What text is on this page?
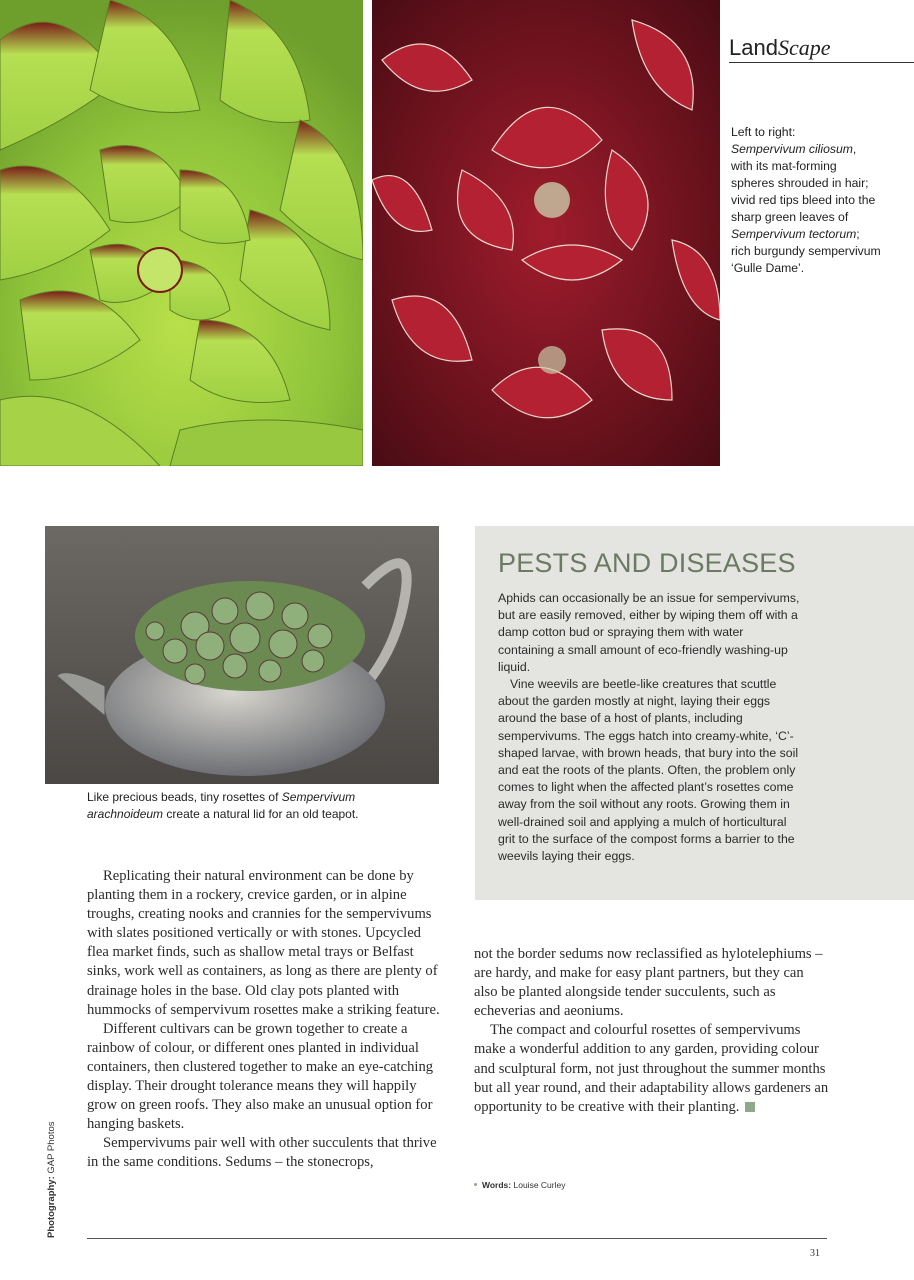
LandScape

Left to right:
Sempervivum ciliosum, with its mat-forming spheres shrouded in hair; vivid red tips bleed into the sharp green leaves of Sempervivum tectorum; rich burgundy sempervivum ‘Gulle Dame’.

Like precious beads, tiny rosettes of Sempervivum arachnoideum create a natural lid for an old teapot.
PESTS AND DISEASES

Aphids can occasionally be an issue for sempervivums, but are easily removed, either by wiping them off with a damp cotton bud or spraying them with water containing a small amount of eco-friendly washing-up liquid.

Vine weevils are beetle-like creatures that scuttle about the garden mostly at night, laying their eggs around the base of a host of plants, including sempervivums. The eggs hatch into creamy-white, ‘C’-shaped larvae, with brown heads, that bury into the soil and eat the roots of the plants. Often, the problem only comes to light when the affected plant’s rosettes come away from the soil without any roots. Growing them in well-drained soil and applying a mulch of horticultural grit to the surface of the compost forms a barrier to the weevils laying their eggs.

Replicating their natural environment can be done by planting them in a rockery, crevice garden, or in alpine troughs, creating nooks and crannies for the sempervivums with slates positioned vertically or with stones. Upcycled flea market finds, such as shallow metal trays or Belfast sinks, work well as containers, as long as there are plenty of drainage holes in the base. Old clay pots planted with hummocks of sempervivum rosettes make a striking feature.

Different cultivars can be grown together to create a rainbow of colour, or different ones planted in individual containers, then clustered together to make an eye-catching display. Their drought tolerance means they will happily grow on green roofs. They also make an unusual option for hanging baskets.

Sempervivums pair well with other succulents that thrive in the same conditions. Sedums – the stonecrops,

not the border sedums now reclassified as hylotelephiums – are hardy, and make for easy plant partners, but they can also be planted alongside tender succulents, such as echeverias and aeoniums.

The compact and colourful rosettes of sempervivums make a wonderful addition to any garden, providing colour and sculptural form, not just throughout the summer months but all year round, and their adaptability allows gardeners an opportunity to be creative with their planting.

Words: Louise Curley
Photography: GAP Photos
31
